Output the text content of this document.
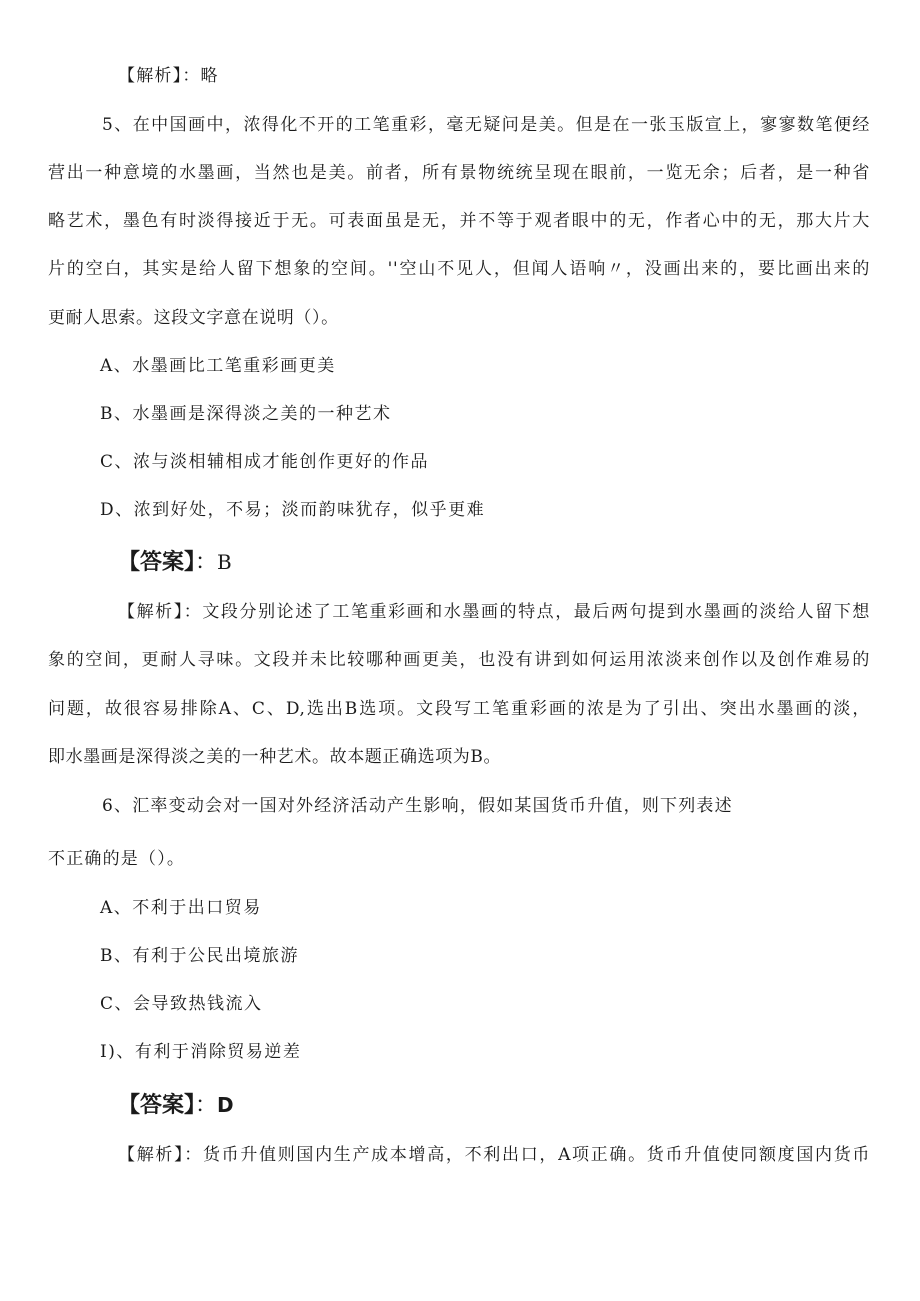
【解析】：略
5、在中国画中，浓得化不开的工笔重彩，毫无疑问是美。但是在一张玉版宣上，寥寥数笔便经
营出一种意境的水墨画，当然也是美。前者，所有景物统统呈现在眼前，一览无余；后者，是一种省
略艺术，墨色有时淡得接近于无。可表面虽是无，并不等于观者眼中的无，作者心中的无，那大片大
片的空白，其实是给人留下想象的空间。''空山不见人，但闻人语响〃，没画出来的，要比画出来的
更耐人思索。这段文字意在说明（）。
A、水墨画比工笔重彩画更美
B、水墨画是深得淡之美的一种艺术
C、浓与淡相辅相成才能创作更好的作品
D、浓到好处，不易；淡而韵味犹存，似乎更难
【答案】：B
【解析】：文段分别论述了工笔重彩画和水墨画的特点，最后两句提到水墨画的淡给人留下想
象的空间，更耐人寻味。文段并未比较哪种画更美，也没有讲到如何运用浓淡来创作以及创作难易的
问题，故很容易排除A、C、D,选出B选项。文段写工笔重彩画的浓是为了引出、突出水墨画的淡，
即水墨画是深得淡之美的一种艺术。故本题正确选项为B。
6、汇率变动会对一国对外经济活动产生影响，假如某国货币升值，则下列表述
不正确的是（）。
A、不利于出口贸易
B、有利于公民出境旅游
C、会导致热钱流入
I)、有利于消除贸易逆差
【答案】：D
【解析】：货币升值则国内生产成本增高，不利出口，A项正确。货币升值使同额度国内货币
